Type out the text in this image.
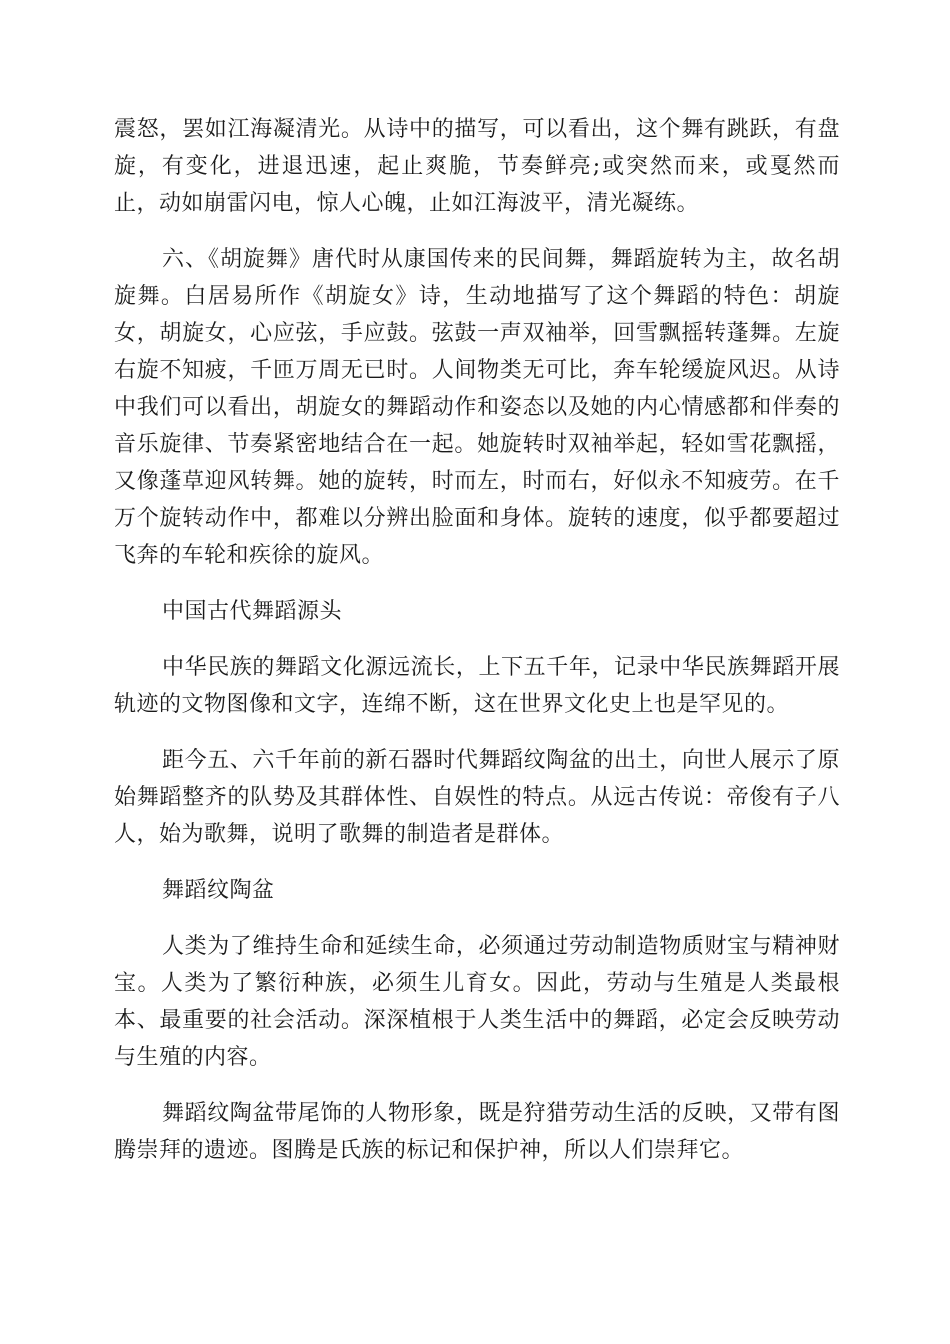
震怒，罢如江海凝清光。从诗中的描写，可以看出，这个舞有跳跃，有盘旋，有变化，进退迅速，起止爽脆，节奏鲜亮;或突然而来，或戛然而止，动如崩雷闪电，惊人心魄，止如江海波平，清光凝练。

六、《胡旋舞》唐代时从康国传来的民间舞，舞蹈旋转为主，故名胡旋舞。白居易所作《胡旋女》诗，生动地描写了这个舞蹈的特色：胡旋女，胡旋女，心应弦，手应鼓。弦鼓一声双袖举，回雪飘摇转蓬舞。左旋右旋不知疲，千匝万周无已时。人间物类无可比，奔车轮缓旋风迟。从诗中我们可以看出，胡旋女的舞蹈动作和姿态以及她的内心情感都和伴奏的音乐旋律、节奏紧密地结合在一起。她旋转时双袖举起，轻如雪花飘摇，又像蓬草迎风转舞。她的旋转，时而左，时而右，好似永不知疲劳。在千万个旋转动作中，都难以分辨出脸面和身体。旋转的速度，似乎都要超过飞奔的车轮和疾徐的旋风。

中国古代舞蹈源头

中华民族的舞蹈文化源远流长，上下五千年，记录中华民族舞蹈开展轨迹的文物图像和文字，连绵不断，这在世界文化史上也是罕见的。

距今五、六千年前的新石器时代舞蹈纹陶盆的出土，向世人展示了原始舞蹈整齐的队势及其群体性、自娱性的特点。从远古传说：帝俊有子八人，始为歌舞，说明了歌舞的制造者是群体。

舞蹈纹陶盆

人类为了维持生命和延续生命，必须通过劳动制造物质财宝与精神财宝。人类为了繁衍种族，必须生儿育女。因此，劳动与生殖是人类最根本、最重要的社会活动。深深植根于人类生活中的舞蹈，必定会反映劳动与生殖的内容。

舞蹈纹陶盆带尾饰的人物形象，既是狩猎劳动生活的反映，又带有图腾崇拜的遗迹。图腾是氏族的标记和保护神，所以人们崇拜它。
